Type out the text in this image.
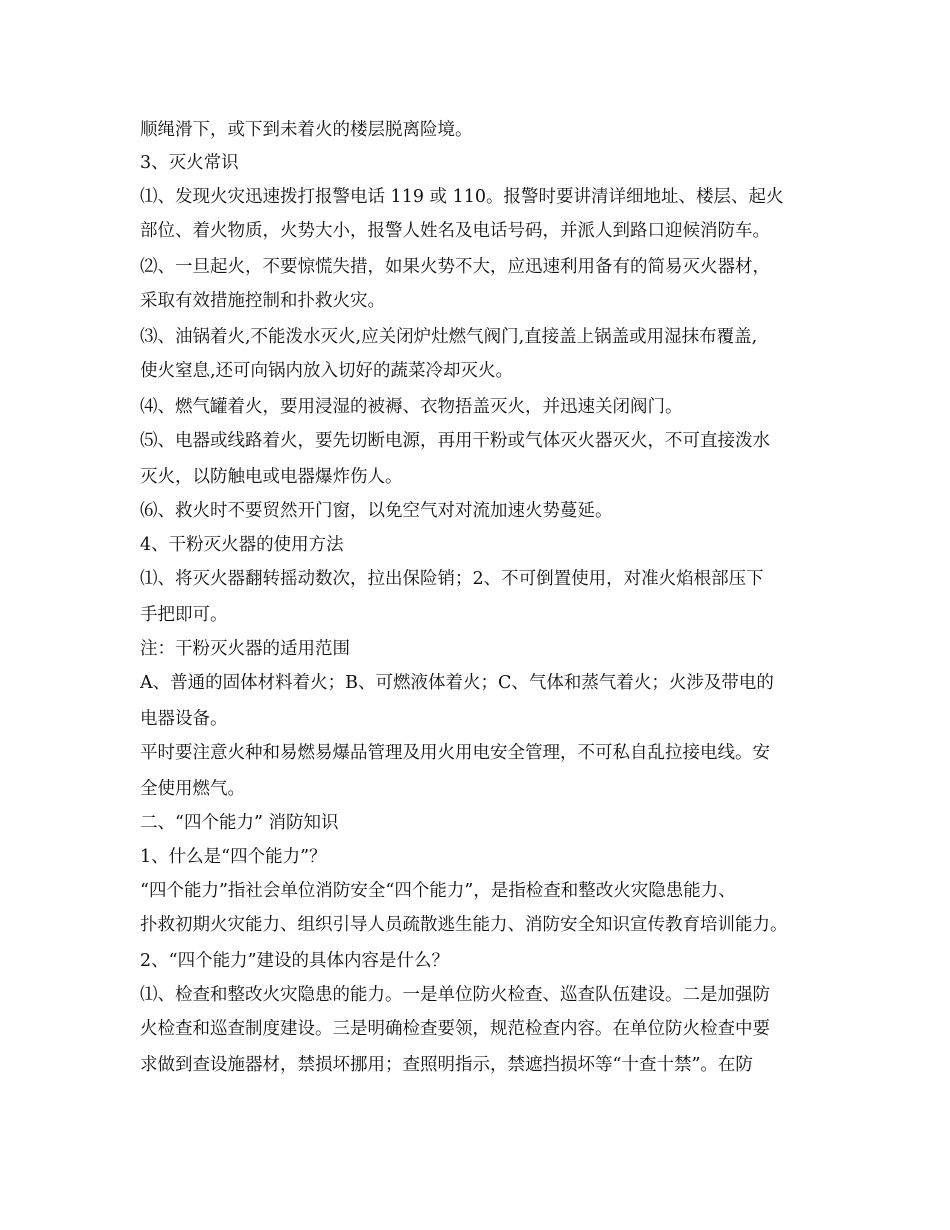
顺绳滑下，或下到未着火的楼层脱离险境。
3、灭火常识
⑴、发现火灾迅速拨打报警电话 119 或 110。报警时要讲清详细地址、楼层、起火
部位、着火物质，火势大小，报警人姓名及电话号码，并派人到路口迎候消防车。
⑵、一旦起火，不要惊慌失措，如果火势不大，应迅速利用备有的简易灭火器材，
采取有效措施控制和扑救火灾。
⑶、油锅着火,不能泼水灭火,应关闭炉灶燃气阀门,直接盖上锅盖或用湿抹布覆盖,
使火窒息,还可向锅内放入切好的蔬菜冷却灭火。
⑷、燃气罐着火，要用浸湿的被褥、衣物捂盖灭火，并迅速关闭阀门。
⑸、电器或线路着火，要先切断电源，再用干粉或气体灭火器灭火，不可直接泼水
灭火，以防触电或电器爆炸伤人。
⑹、救火时不要贸然开门窗，以免空气对对流加速火势蔓延。
4、干粉灭火器的使用方法
⑴、将灭火器翻转摇动数次，拉出保险销；2、不可倒置使用，对准火焰根部压下
手把即可。
注：干粉灭火器的适用范围
A、普通的固体材料着火；B、可燃液体着火；C、气体和蒸气着火；火涉及带电的
电器设备。
平时要注意火种和易燃易爆品管理及用火用电安全管理，不可私自乱拉接电线。安
全使用燃气。
二、“四个能力” 消防知识
1、什么是“四个能力”？
“四个能力”指社会单位消防安全“四个能力”，是指检查和整改火灾隐患能力、
扑救初期火灾能力、组织引导人员疏散逃生能力、消防安全知识宣传教育培训能力。
2、“四个能力”建设的具体内容是什么？
⑴、检查和整改火灾隐患的能力。一是单位防火检查、巡查队伍建设。二是加强防
火检查和巡查制度建设。三是明确检查要领，规范检查内容。在单位防火检查中要
求做到查设施器材，禁损坏挪用；查照明指示，禁遮挡损坏等“十查十禁”。在防
